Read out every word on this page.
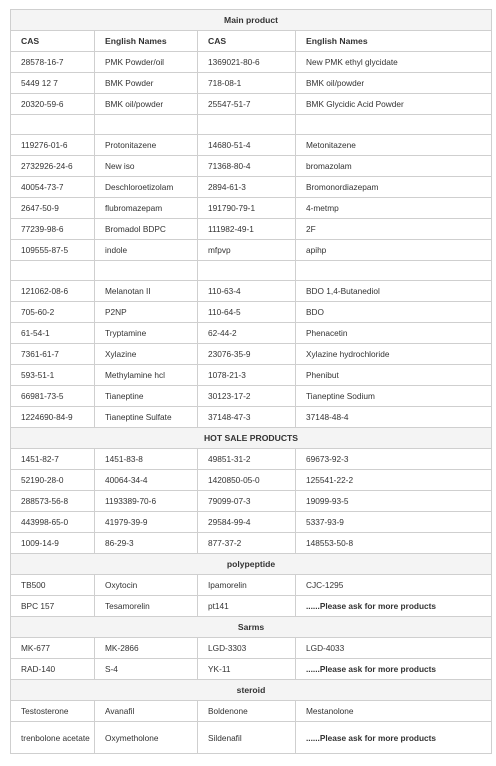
Main product			
CAS	English Names	CAS	English Names
28578-16-7	PMK Powder/oil	1369021-80-6	New PMK ethyl glycidate
5449 12 7	BMK Powder	718-08-1	BMK oil/powder
20320-59-6	BMK oil/powder	25547-51-7	BMK Glycidic Acid Powder

119276-01-6	Protonitazene	14680-51-4	Metonitazene
2732926-24-6	New iso	71368-80-4	bromazolam
40054-73-7	Deschloroetizolam	2894-61-3	Bromonordiazepam
2647-50-9	flubromazepam	191790-79-1	4-metmp
77239-98-6	Bromadol BDPC	111982-49-1	2F
109555-87-5	indole	mfpvp	apihp

121062-08-6	Melanotan II	110-63-4	BDO 1,4-Butanediol
705-60-2	P2NP	110-64-5	BDO
61-54-1	Tryptamine	62-44-2	Phenacetin
7361-61-7	Xylazine	23076-35-9	Xylazine hydrochloride
593-51-1	Methylamine hcl	1078-21-3	Phenibut
66981-73-5	Tianeptine	30123-17-2	Tianeptine Sodium
1224690-84-9	Tianeptine Sulfate	37148-47-3	37148-48-4
HOT SALE PRODUCTS			
1451-82-7	1451-83-8	49851-31-2	69673-92-3
52190-28-0	40064-34-4	1420850-05-0	125541-22-2
288573-56-8	1193389-70-6	79099-07-3	19099-93-5
443998-65-0	41979-39-9	29584-99-4	5337-93-9
1009-14-9	86-29-3	877-37-2	148553-50-8
polypeptide			
TB500	Oxytocin	Ipamorelin	CJC-1295
BPC 157	Tesamorelin	pt141	......Please ask for more products
Sarms			
MK-677	MK-2866	LGD-3303	LGD-4033
RAD-140	S-4	YK-11	......Please ask for more products
steroid			
Testosterone	Avanafil	Boldenone	Mestanolone
trenbolone acetate	Oxymetholone	Sildenafil	......Please ask for more products
